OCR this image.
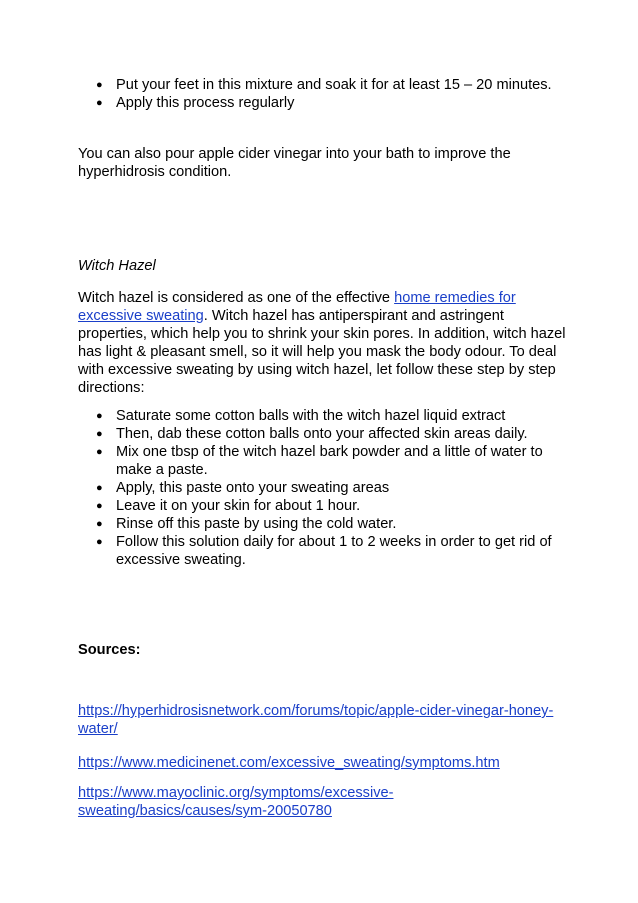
● Put your feet in this mixture and soak it for at least 15 – 20 minutes.
● Apply this process regularly

You can also pour apple cider vinegar into your bath to improve the hyperhidrosis condition.

Witch Hazel

Witch hazel is considered as one of the effective home remedies for excessive sweating. Witch hazel has antiperspirant and astringent properties, which help you to shrink your skin pores. In addition, witch hazel has light & pleasant smell, so it will help you mask the body odour. To deal with excessive sweating by using witch hazel, let follow these step by step directions:

● Saturate some cotton balls with the witch hazel liquid extract
● Then, dab these cotton balls onto your affected skin areas daily.
● Mix one tbsp of the witch hazel bark powder and a little of water to make a paste.
● Apply, this paste onto your sweating areas
● Leave it on your skin for about 1 hour.
● Rinse off this paste by using the cold water.
● Follow this solution daily for about 1 to 2 weeks in order to get rid of excessive sweating.

Sources:

https://hyperhidrosisnetwork.com/forums/topic/apple-cider-vinegar-honey-water/
https://www.medicinenet.com/excessive_sweating/symptoms.htm
https://www.mayoclinic.org/symptoms/excessive-sweating/basics/causes/sym-20050780
